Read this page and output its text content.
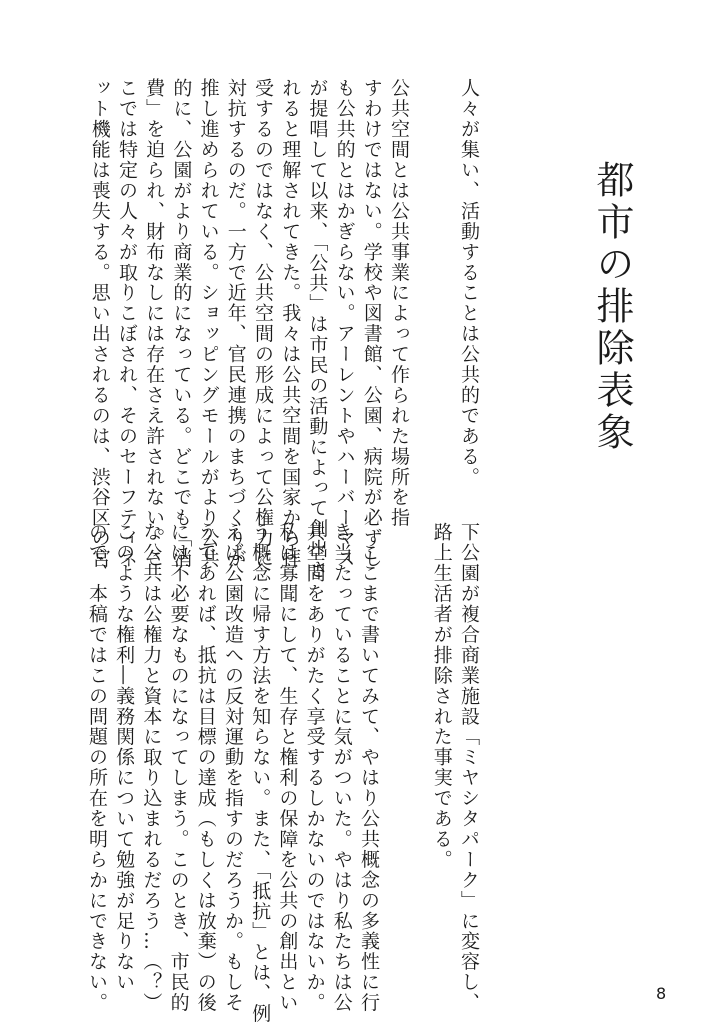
都市の排除表象
人々が集い、活動することは公共的である。
公共空間とは公共事業によって作られた場所を指
すわけではない。学校や図書館、公園、病院が必ずし
も公共的とはかぎらない。アーレントやハーバーマス
が提唱して以来、「公共」は市民の活動によって創出さ
れると理解されてきた。我々は公共空間を国家から拝
受するのではなく、公共空間の形成によって公権力に
対抗するのだ。一方で近年、官民連携のまちづくりが
推し進められている。ショッピングモールがより公共
的に、公園がより商業的になっている。どこでも「消
費」を迫られ、財布なしには存在さえ許されない。こ
こでは特定の人々が取りこぼされ、そのセーフティネ
ット機能は喪失する。思い出されるのは、渋谷区の宮
下公園が複合商業施設「ミヤシタパーク」に変容し、
路上生活者が排除された事実である。
　ここまで書いてみて、やはり公共概念の多義性に行
き当たっていることに気がついた。やはり私たちは公
共空間をありがたく享受するしかないのではないか。
私は寡聞にして、生存と権利の保障を公共の創出とい
う概念に帰す方法を知らない。また、「抵抗」とは、例
えば公園改造への反対運動を指すのだろうか。もしそ
うであれば、抵抗は目標の達成（もしくは放棄）の後
には不必要なものになってしまう。このとき、市民的
な公共は公権力と資本に取り込まれるだろう…（？）
このような権利―義務関係について勉強が足りない
ので、本稿ではこの問題の所在を明らかにできない。	8
